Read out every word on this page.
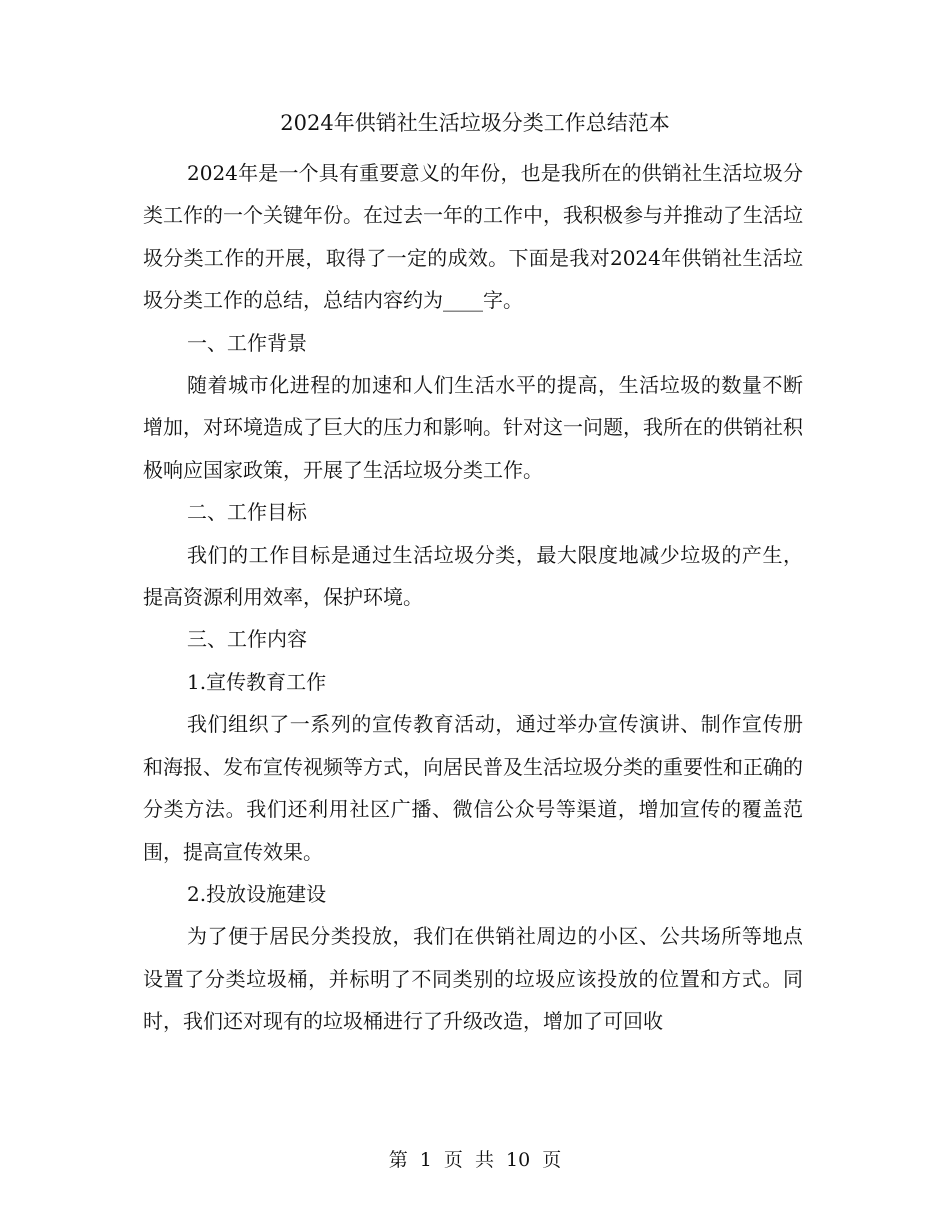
2024年供销社生活垃圾分类工作总结范本

2024年是一个具有重要意义的年份，也是我所在的供销社生活垃圾分类工作的一个关键年份。在过去一年的工作中，我积极参与并推动了生活垃圾分类工作的开展，取得了一定的成效。下面是我对2024年供销社生活垃圾分类工作的总结，总结内容约为____字。

一、工作背景

随着城市化进程的加速和人们生活水平的提高，生活垃圾的数量不断增加，对环境造成了巨大的压力和影响。针对这一问题，我所在的供销社积极响应国家政策，开展了生活垃圾分类工作。

二、工作目标

我们的工作目标是通过生活垃圾分类，最大限度地减少垃圾的产生，提高资源利用效率，保护环境。

三、工作内容

1.宣传教育工作

我们组织了一系列的宣传教育活动，通过举办宣传演讲、制作宣传册和海报、发布宣传视频等方式，向居民普及生活垃圾分类的重要性和正确的分类方法。我们还利用社区广播、微信公众号等渠道，增加宣传的覆盖范围，提高宣传效果。

2.投放设施建设

为了便于居民分类投放，我们在供销社周边的小区、公共场所等地点设置了分类垃圾桶，并标明了不同类别的垃圾应该投放的位置和方式。同时，我们还对现有的垃圾桶进行了升级改造，增加了可回收

第 1 页 共 10 页
